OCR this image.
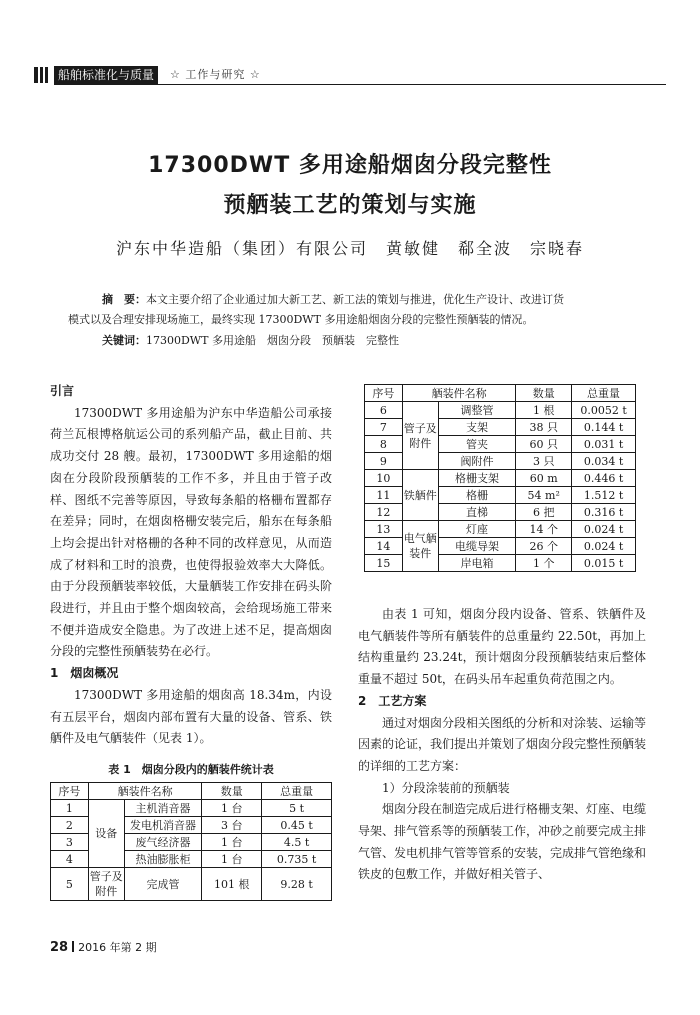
船舶标准化与质量	☆ 工作与研究 ☆
17300DWT 多用途船烟囱分段完整性
预舾装工艺的策划与实施
沪东中华造船（集团）有限公司　黄敏健　郗全波　宗晓春
摘　要：本文主要介绍了企业通过加大新工艺、新工法的策划与推进，优化生产设计、改进订货
模式以及合理安排现场施工，最终实现 17300DWT 多用途船烟囱分段的完整性预舾装的情况。
关键词：17300DWT 多用途船　烟囱分段　预舾装　完整性

引言

17300DWT 多用途船为沪东中华造船公司承接荷兰瓦根博格航运公司的系列船产品，截止目前、共成功交付 28 艘。最初，17300DWT 多用途船的烟囱在分段阶段预舾装的工作不多，并且由于管子改样、图纸不完善等原因，导致每条船的格栅布置都存在差异；同时，在烟囱格栅安装完后，船东在每条船上均会提出针对格栅的各种不同的改样意见，从而造成了材料和工时的浪费，也使得报验效率大大降低。由于分段预舾装率较低，大量舾装工作安排在码头阶段进行，并且由于整个烟囱较高，会给现场施工带来不便并造成安全隐患。为了改进上述不足，提高烟囱分段的完整性预舾装势在必行。

1　烟囱概况

17300DWT 多用途船的烟囱高 18.34m，内设有五层平台，烟囱内部布置有大量的设备、管系、铁舾件及电气舾装件（见表 1）。

表 1　烟囱分段内的舾装件统计表
序号	舾装件名称		数量	总重量
1	设备	主机消音器	1 台	5 t
2		发电机消音器	3 台	0.45 t
3		废气经济器	1 台	4.5 t
4		热油膨胀柜	1 台	0.735 t
5	管子及附件	完成管	101 根	9.28 t
序号	舾装件名称		数量	总重量
6	管子及附件	调整管	1 根	0.0052 t
7		支架	38 只	0.144 t
8		管夹	60 只	0.031 t
9		阀附件	3 只	0.034 t
10	铁舾件	格栅支架	60 m	0.446 t
11		格栅	54 m²	1.512 t
12		直梯	6 把	0.316 t
13	电气舾装件	灯座	14 个	0.024 t
14		电缆导架	26 个	0.024 t
15		岸电箱	1 个	0.015 t

由表 1 可知，烟囱分段内设备、管系、铁舾件及电气舾装件等所有舾装件的总重量约 22.50t，再加上结构重量约 23.24t，预计烟囱分段预舾装结束后整体重量不超过 50t，在码头吊车起重负荷范围之内。

2　工艺方案

通过对烟囱分段相关图纸的分析和对涂装、运输等因素的论证，我们提出并策划了烟囱分段完整性预舾装的详细的工艺方案：

1）分段涂装前的预舾装

烟囱分段在制造完成后进行格栅支架、灯座、电缆导架、排气管系等的预舾装工作，冲砂之前要完成主排气管、发电机排气管等管系的安装，完成排气管绝缘和铁皮的包敷工作，并做好相关管子、

28 2016 年第 2 期
